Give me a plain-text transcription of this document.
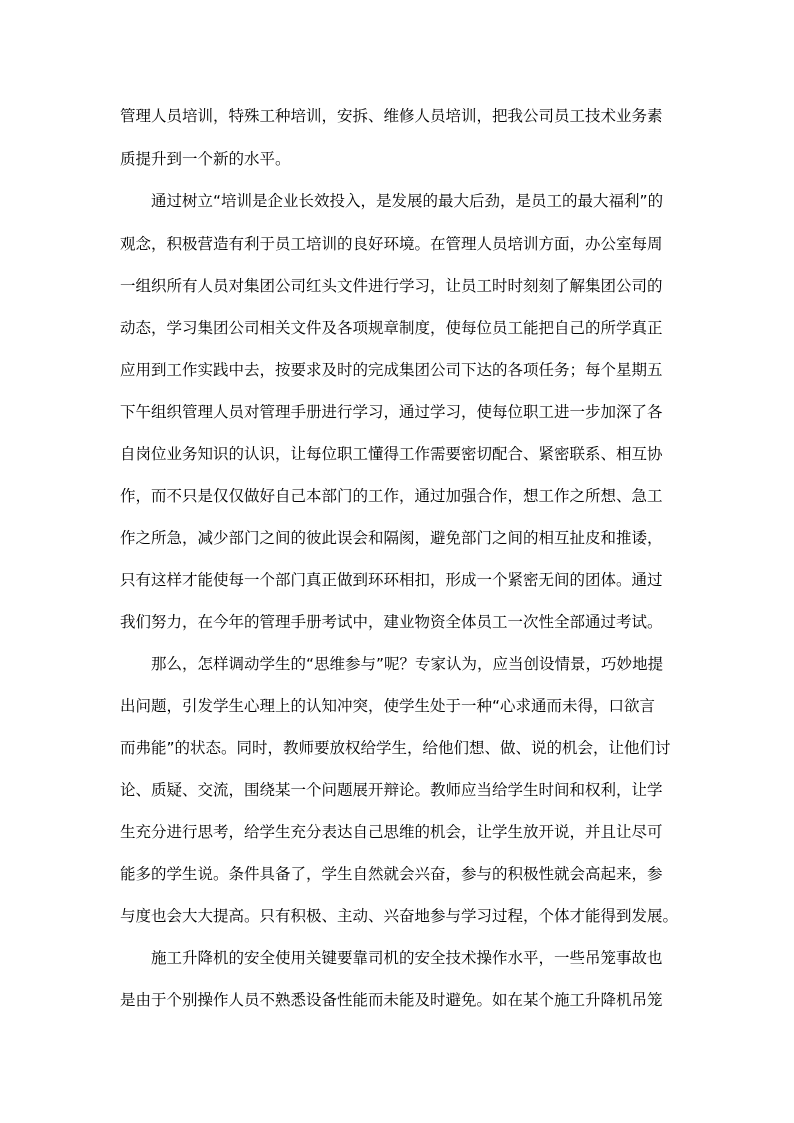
管理人员培训，特殊工种培训，安拆、维修人员培训，把我公司员工技术业务素
质提升到一个新的水平。
　　通过树立“培训是企业长效投入，是发展的最大后劲，是员工的最大福利”的
观念，积极营造有利于员工培训的良好环境。在管理人员培训方面，办公室每周
一组织所有人员对集团公司红头文件进行学习，让员工时时刻刻了解集团公司的
动态，学习集团公司相关文件及各项规章制度，使每位员工能把自己的所学真正
应用到工作实践中去，按要求及时的完成集团公司下达的各项任务；每个星期五
下午组织管理人员对管理手册进行学习，通过学习，使每位职工进一步加深了各
自岗位业务知识的认识，让每位职工懂得工作需要密切配合、紧密联系、相互协
作，而不只是仅仅做好自己本部门的工作，通过加强合作，想工作之所想、急工
作之所急，减少部门之间的彼此误会和隔阂，避免部门之间的相互扯皮和推诿，
只有这样才能使每一个部门真正做到环环相扣，形成一个紧密无间的团体。通过
我们努力，在今年的管理手册考试中，建业物资全体员工一次性全部通过考试。
　　那么，怎样调动学生的“思维参与”呢？专家认为，应当创设情景，巧妙地提
出问题，引发学生心理上的认知冲突，使学生处于一种“心求通而未得，口欲言
而弗能”的状态。同时，教师要放权给学生，给他们想、做、说的机会，让他们讨
论、质疑、交流，围绕某一个问题展开辩论。教师应当给学生时间和权利，让学
生充分进行思考，给学生充分表达自己思维的机会，让学生放开说，并且让尽可
能多的学生说。条件具备了，学生自然就会兴奋，参与的积极性就会高起来，参
与度也会大大提高。只有积极、主动、兴奋地参与学习过程，个体才能得到发展。
　　施工升降机的安全使用关键要靠司机的安全技术操作水平，一些吊笼事故也
是由于个别操作人员不熟悉设备性能而未能及时避免。如在某个施工升降机吊笼
